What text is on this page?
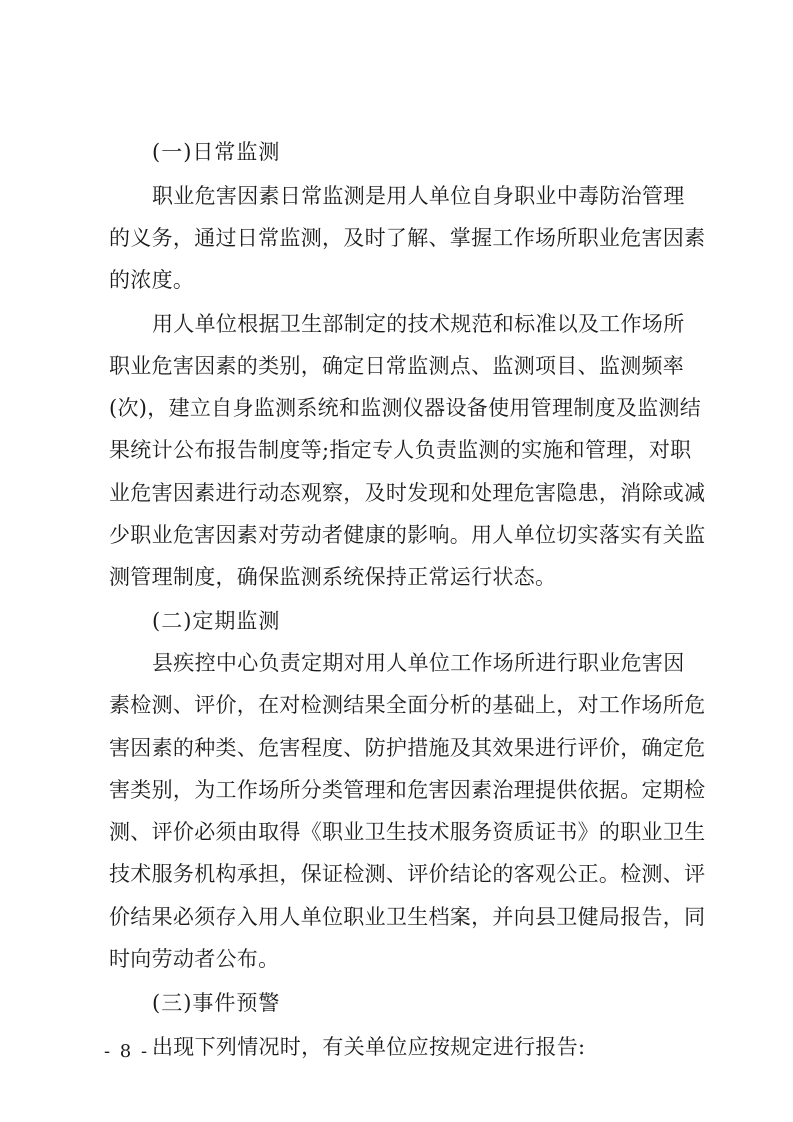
(一)日常监测
职业危害因素日常监测是用人单位自身职业中毒防治管理
的义务，通过日常监测，及时了解、掌握工作场所职业危害因素
的浓度。
用人单位根据卫生部制定的技术规范和标准以及工作场所
职业危害因素的类别，确定日常监测点、监测项目、监测频率
(次)，建立自身监测系统和监测仪器设备使用管理制度及监测结
果统计公布报告制度等;指定专人负责监测的实施和管理，对职
业危害因素进行动态观察，及时发现和处理危害隐患，消除或减
少职业危害因素对劳动者健康的影响。用人单位切实落实有关监
测管理制度，确保监测系统保持正常运行状态。
(二)定期监测
县疾控中心负责定期对用人单位工作场所进行职业危害因
素检测、评价，在对检测结果全面分析的基础上，对工作场所危
害因素的种类、危害程度、防护措施及其效果进行评价，确定危
害类别，为工作场所分类管理和危害因素治理提供依据。定期检
测、评价必须由取得《职业卫生技术服务资质证书》的职业卫生
技术服务机构承担，保证检测、评价结论的客观公正。检测、评
价结果必须存入用人单位职业卫生档案，并向县卫健局报告，同
时向劳动者公布。
(三)事件预警
出现下列情况时，有关单位应按规定进行报告:
- 8 -
